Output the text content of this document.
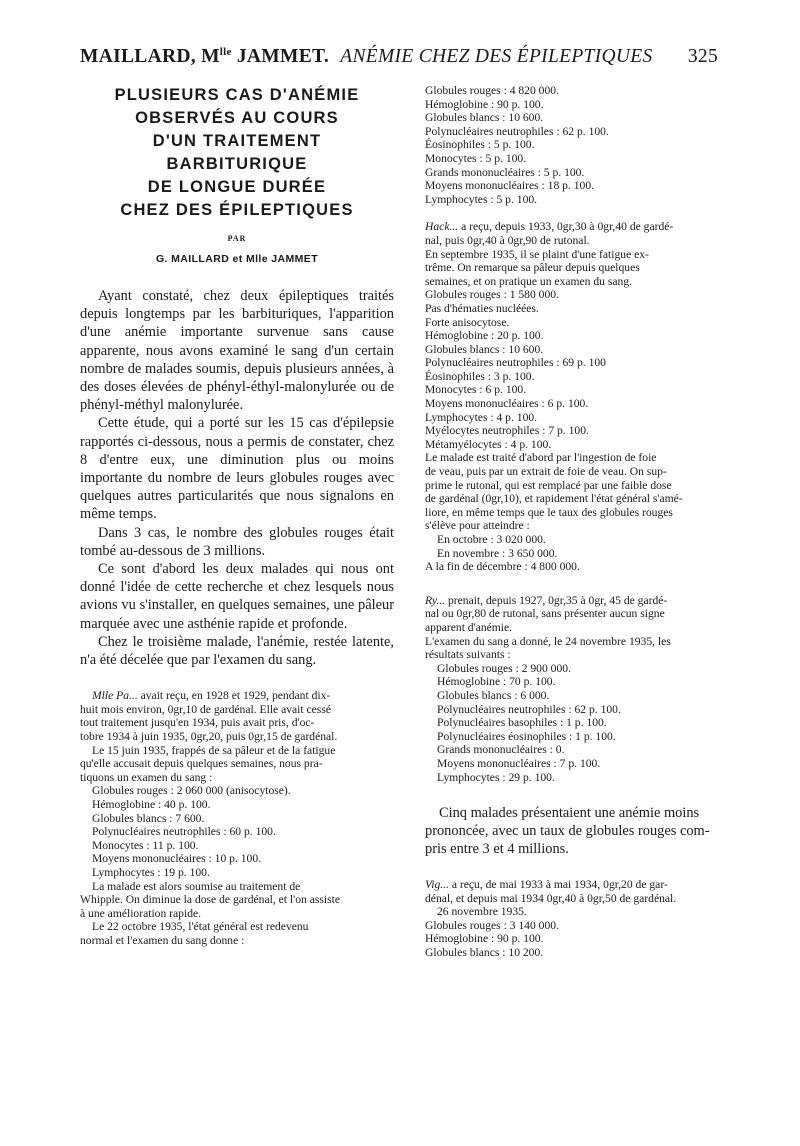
MAILLARD, $M^{lle}$ JAMMET. ANÉMIE CHEZ DES ÉPILEPTIQUES 325
PLUSIEURS CAS D'ANÉMIE
OBSERVÉS AU COURS
D'UN TRAITEMENT
BARBITURIQUE
DE LONGUE DURÉE
CHEZ DES ÉPILEPTIQUES
PAR
G. MAILLARD et Mlle JAMMET

Ayant constaté, chez deux épileptiques traités depuis longtemps par les barbituriques, l'apparition d'une anémie importante survenue sans cause apparente, nous avons examiné le sang d'un certain nombre de malades soumis, depuis plusieurs années, à des doses élevées de phényl-éthyl-malonylurée ou de phényl-méthyl malonylurée.

Cette étude, qui a porté sur les 15 cas d'épilepsie rapportés ci-dessous, nous a permis de constater, chez 8 d'entre eux, une diminution plus ou moins importante du nombre de leurs globules rouges avec quelques autres particularités que nous signalons en même temps.

Dans 3 cas, le nombre des globules rouges était tombé au-dessous de 3 millions.

Ce sont d'abord les deux malades qui nous ont donné l'idée de cette recherche et chez lesquels nous avions vu s'installer, en quelques semaines, une pâleur marquée avec une asthénie rapide et profonde.

Chez le troisième malade, l'anémie, restée latente, n'a été décelée que par l'examen du sang.

Mlle Pa... avait reçu, en 1928 et 1929, pendant dix-
huit mois environ, 0gr,10 de gardénal. Elle avait cessé
tout traitement jusqu'en 1934, puis avait pris, d'oc-
tobre 1934 à juin 1935, 0gr,20, puis 0gr,15 de gardénal.
Le 15 juin 1935, frappés de sa pâleur et de la fatigue
qu'elle accusait depuis quelques semaines, nous pra-
tiquons un examen du sang :
Globules rouges : 2 060 000 (anisocytose).
Hémoglobine : 40 p. 100.
Globules blancs : 7 600.
Polynucléaires neutrophiles : 60 p. 100.
Monocytes : 11 p. 100.
Moyens mononucléaires : 10 p. 100.
Lymphocytes : 19 p. 100.
La malade est alors soumise au traitement de
Whipple. On diminue la dose de gardénal, et l'on assiste
à une amélioration rapide.
Le 22 octobre 1935, l'état général est redevenu
normal et l'examen du sang donne :
Globules rouges : 4 820 000.
Hémoglobine : 90 p. 100.
Globules blancs : 10 600.
Polynucléaires neutrophiles : 62 p. 100.
Éosinophiles : 5 p. 100.
Monocytes : 5 p. 100.
Grands mononucléaires : 5 p. 100.
Moyens mononucléaires : 18 p. 100.
Lymphocytes : 5 p. 100.
Hack... a reçu, depuis 1933, 0gr,30 à 0gr,40 de gardé-
nal, puis 0gr,40 à 0gr,90 de rutonal.
En septembre 1935, il se plaint d'une fatigue ex-
trême. On remarque sa pâleur depuis quelques
semaines, et on pratique un examen du sang.
Globules rouges : 1 580 000.
Pas d'hématies nucléées.
Forte anisocytose.
Hémoglobine : 20 p. 100.
Globules blancs : 10 600.
Polynucléaires neutrophiles : 69 p. 100
Éosinophiles : 3 p. 100.
Monocytes : 6 p. 100.
Moyens mononucléaires : 6 p. 100.
Lymphocytes : 4 p. 100.
Myélocytes neutrophiles : 7 p. 100.
Métamyélocytes : 4 p. 100.
Le malade est traité d'abord par l'ingestion de foie
de veau, puis par un extrait de foie de veau. On sup-
prime le rutonal, qui est remplacé par une faible dose
de gardénal (0gr,10), et rapidement l'état général s'amé-
liore, en même temps que le taux des globules rouges
s'élève pour atteindre :
En octobre : 3 020 000.
En novembre : 3 650 000.
A la fin de décembre : 4 800 000.
Ry... prenait, depuis 1927, 0gr,35 à 0gr, 45 de gardé-
nal ou 0gr,80 de rutonal, sans présenter aucun signe
apparent d'anémie.
L'examen du sang a donné, le 24 novembre 1935, les
résultats suivants :
Globules rouges : 2 900 000.
Hémoglobine : 70 p. 100.
Globules blancs : 6 000.
Polynucléaires neutrophiles : 62 p. 100.
Polynucléaires basophiles : 1 p. 100.
Polynucléaires éosinophiles : 1 p. 100.
Grands mononucléaires : 0.
Moyens mononucléaires : 7 p. 100.
Lymphocytes : 29 p. 100.
Cinq malades présentaient une anémie moins
prononcée, avec un taux de globules rouges com-
pris entre 3 et 4 millions.
Vig... a reçu, de mai 1933 à mai 1934, 0gr,20 de gar-
dénal, et depuis mai 1934 0gr,40 à 0gr,50 de gardénal.
26 novembre 1935.
Globules rouges : 3 140 000.
Hémoglobine : 90 p. 100.
Globules blancs : 10 200.
